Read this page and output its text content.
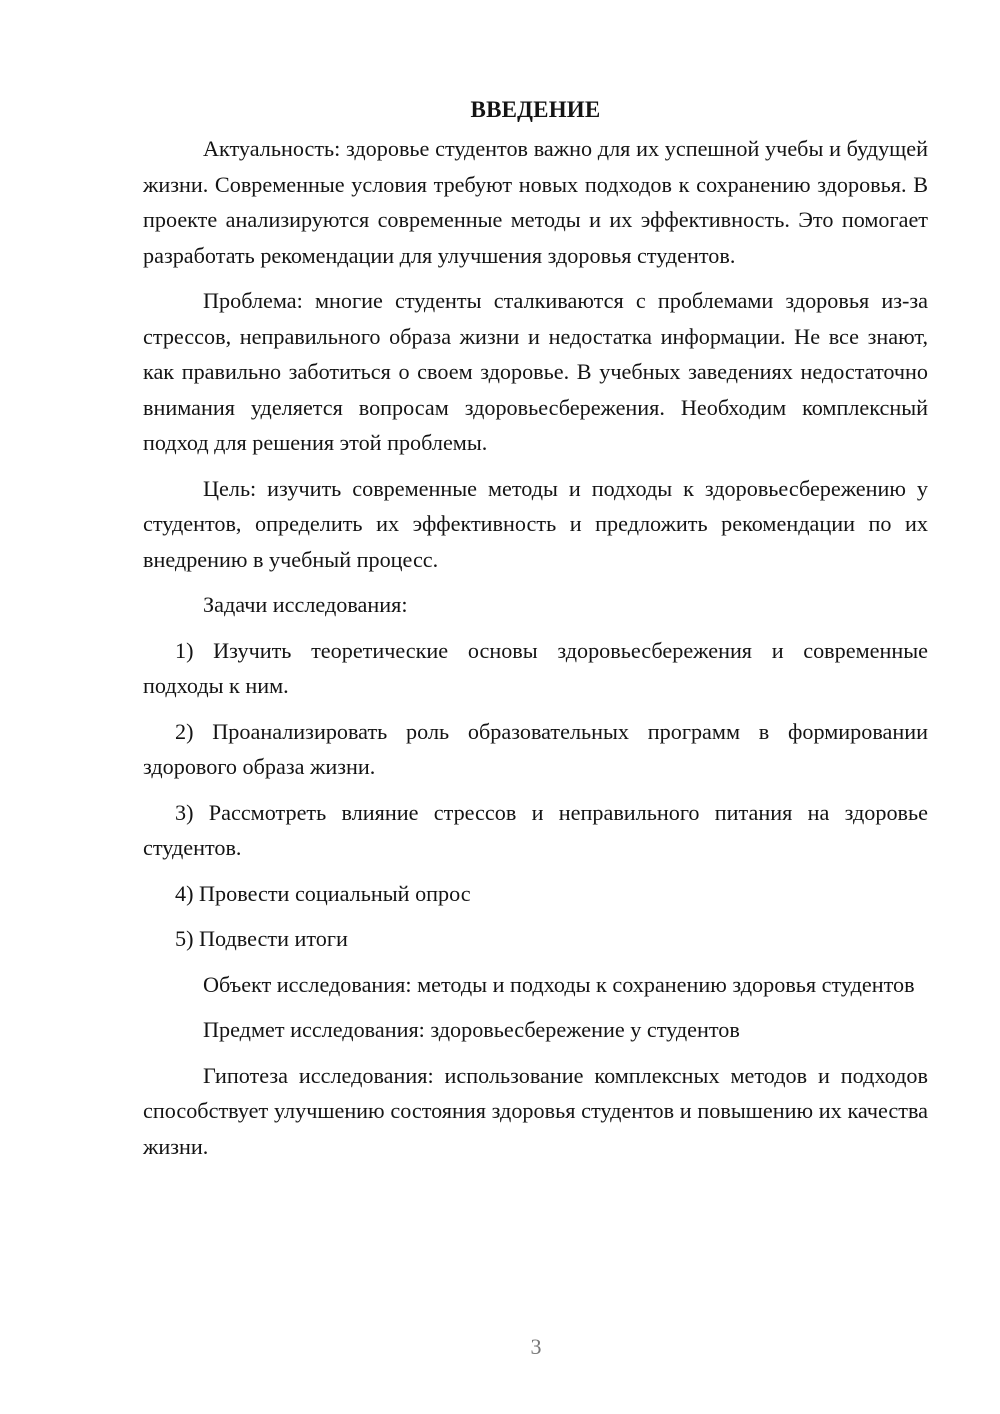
ВВЕДЕНИЕ

Актуальность: здоровье студентов важно для их успешной учебы и будущей жизни. Современные условия требуют новых подходов к сохранению здоровья. В проекте анализируются современные методы и их эффективность. Это помогает разработать рекомендации для улучшения здоровья студентов.

Проблема: многие студенты сталкиваются с проблемами здоровья из-за стрессов, неправильного образа жизни и недостатка информации. Не все знают, как правильно заботиться о своем здоровье. В учебных заведениях недостаточно внимания уделяется вопросам здоровьесбережения. Необходим комплексный подход для решения этой проблемы.

Цель: изучить современные методы и подходы к здоровьесбережению у студентов, определить их эффективность и предложить рекомендации по их внедрению в учебный процесс.

Задачи исследования:

1) Изучить теоретические основы здоровьесбережения и современные подходы к ним.

2) Проанализировать роль образовательных программ в формировании здорового образа жизни.

3) Рассмотреть влияние стрессов и неправильного питания на здоровье студентов.

4) Провести социальный опрос

5) Подвести итоги

Объект исследования: методы и подходы к сохранению здоровья студентов

Предмет исследования: здоровьесбережение у студентов

Гипотеза исследования: использование комплексных методов и подходов способствует улучшению состояния здоровья студентов и повышению их качества жизни.

3
